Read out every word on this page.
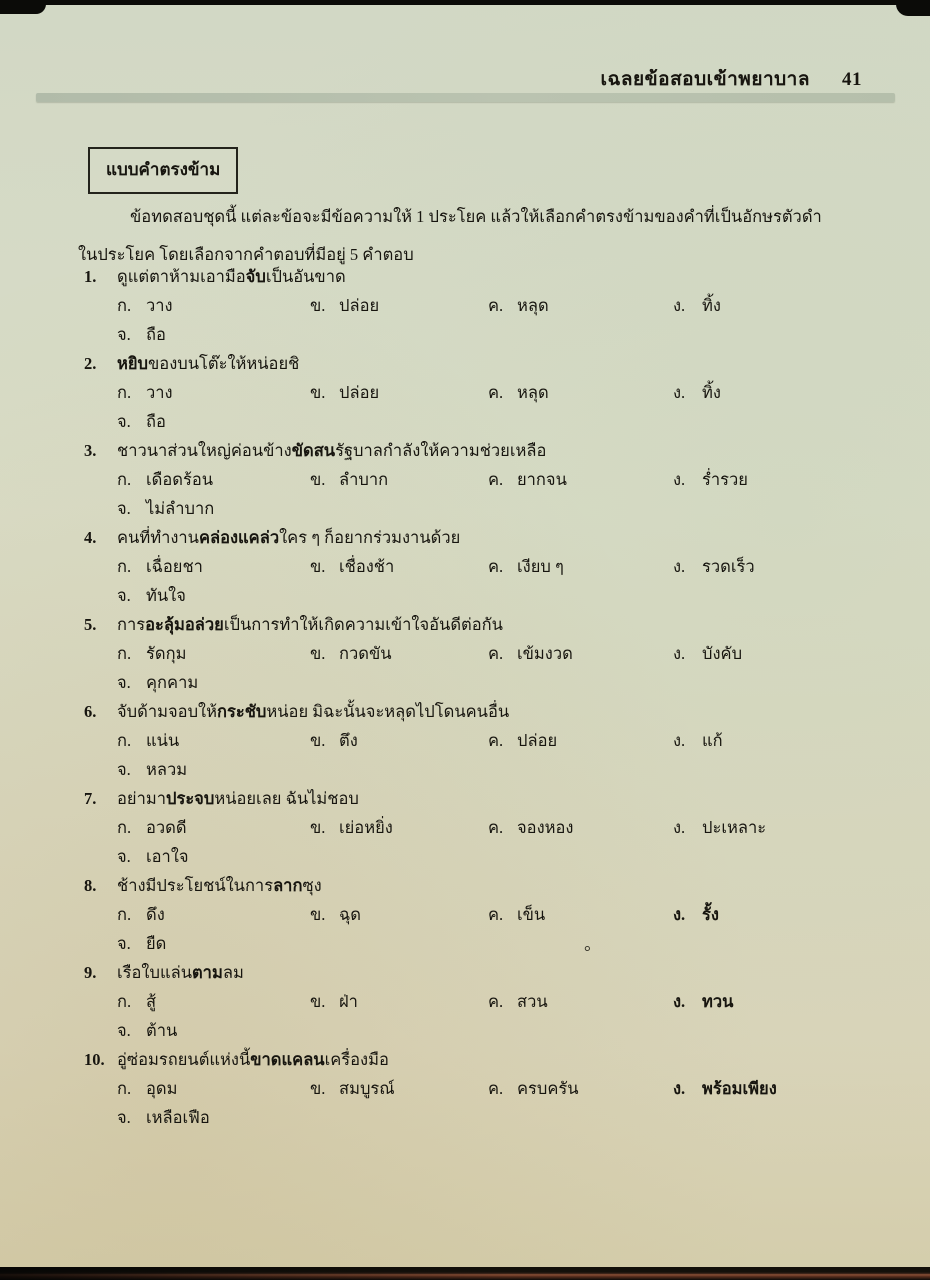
เฉลยข้อสอบเข้าพยาบาล 41
แบบคำตรงข้าม
ข้อทดสอบชุดนี้ แต่ละข้อจะมีข้อความให้ 1 ประโยค แล้วให้เลือกคำตรงข้ามของคำที่เป็นอักษรตัวดำ
ในประโยค โดยเลือกจากคำตอบที่มีอยู่ 5 คำตอบ
1.	ดูแต่ตาห้ามเอามือจับเป็นอันขาด
ก. วาง	ข. ปล่อย	ค. หลุด	ง. ทิ้ง
จ. ถือ
2.	หยิบของบนโต๊ะให้หน่อยชิ
ก. วาง	ข. ปล่อย	ค. หลุด	ง. ทิ้ง
จ. ถือ
3.	ชาวนาส่วนใหญ่ค่อนข้างขัดสนรัฐบาลกำลังให้ความช่วยเหลือ
ก. เดือดร้อน	ข. ลำบาก	ค. ยากจน	ง. ร่ำรวย
จ. ไม่ลำบาก
4.	คนที่ทำงานคล่องแคล่วใคร ๆ ก็อยากร่วมงานด้วย
ก. เฉื่อยชา	ข. เชื่องช้า	ค. เงียบ ๆ	ง. รวดเร็ว
จ. ทันใจ
5.	การอะลุ้มอล่วยเป็นการทำให้เกิดความเข้าใจอันดีต่อกัน
ก. รัดกุม	ข. กวดขัน	ค. เข้มงวด	ง. บังคับ
จ. คุกคาม
6.	จับด้ามจอบให้กระชับหน่อย มิฉะนั้นจะหลุดไปโดนคนอื่น
ก. แน่น	ข. ตึง	ค. ปล่อย	ง. แก้
จ. หลวม
7.	อย่ามาประจบหน่อยเลย ฉันไม่ชอบ
ก. อวดดี	ข. เย่อหยิ่ง	ค. จองหอง	ง. ปะเหลาะ
จ. เอาใจ
8.	ช้างมีประโยชน์ในการลากซุง
ก. ดึง	ข. ฉุด	ค. เข็น	ง. รั้ง
จ. ยืด
9.	เรือใบแล่นตามลม
ก. สู้	ข. ฝ่า	ค. สวน	ง. ทวน
จ. ต้าน
10. อู่ซ่อมรถยนต์แห่งนี้ขาดแคลนเครื่องมือ
ก. อุดม	ข. สมบูรณ์	ค. ครบครัน	ง. พร้อมเพียง
จ. เหลือเฟือ
๐
